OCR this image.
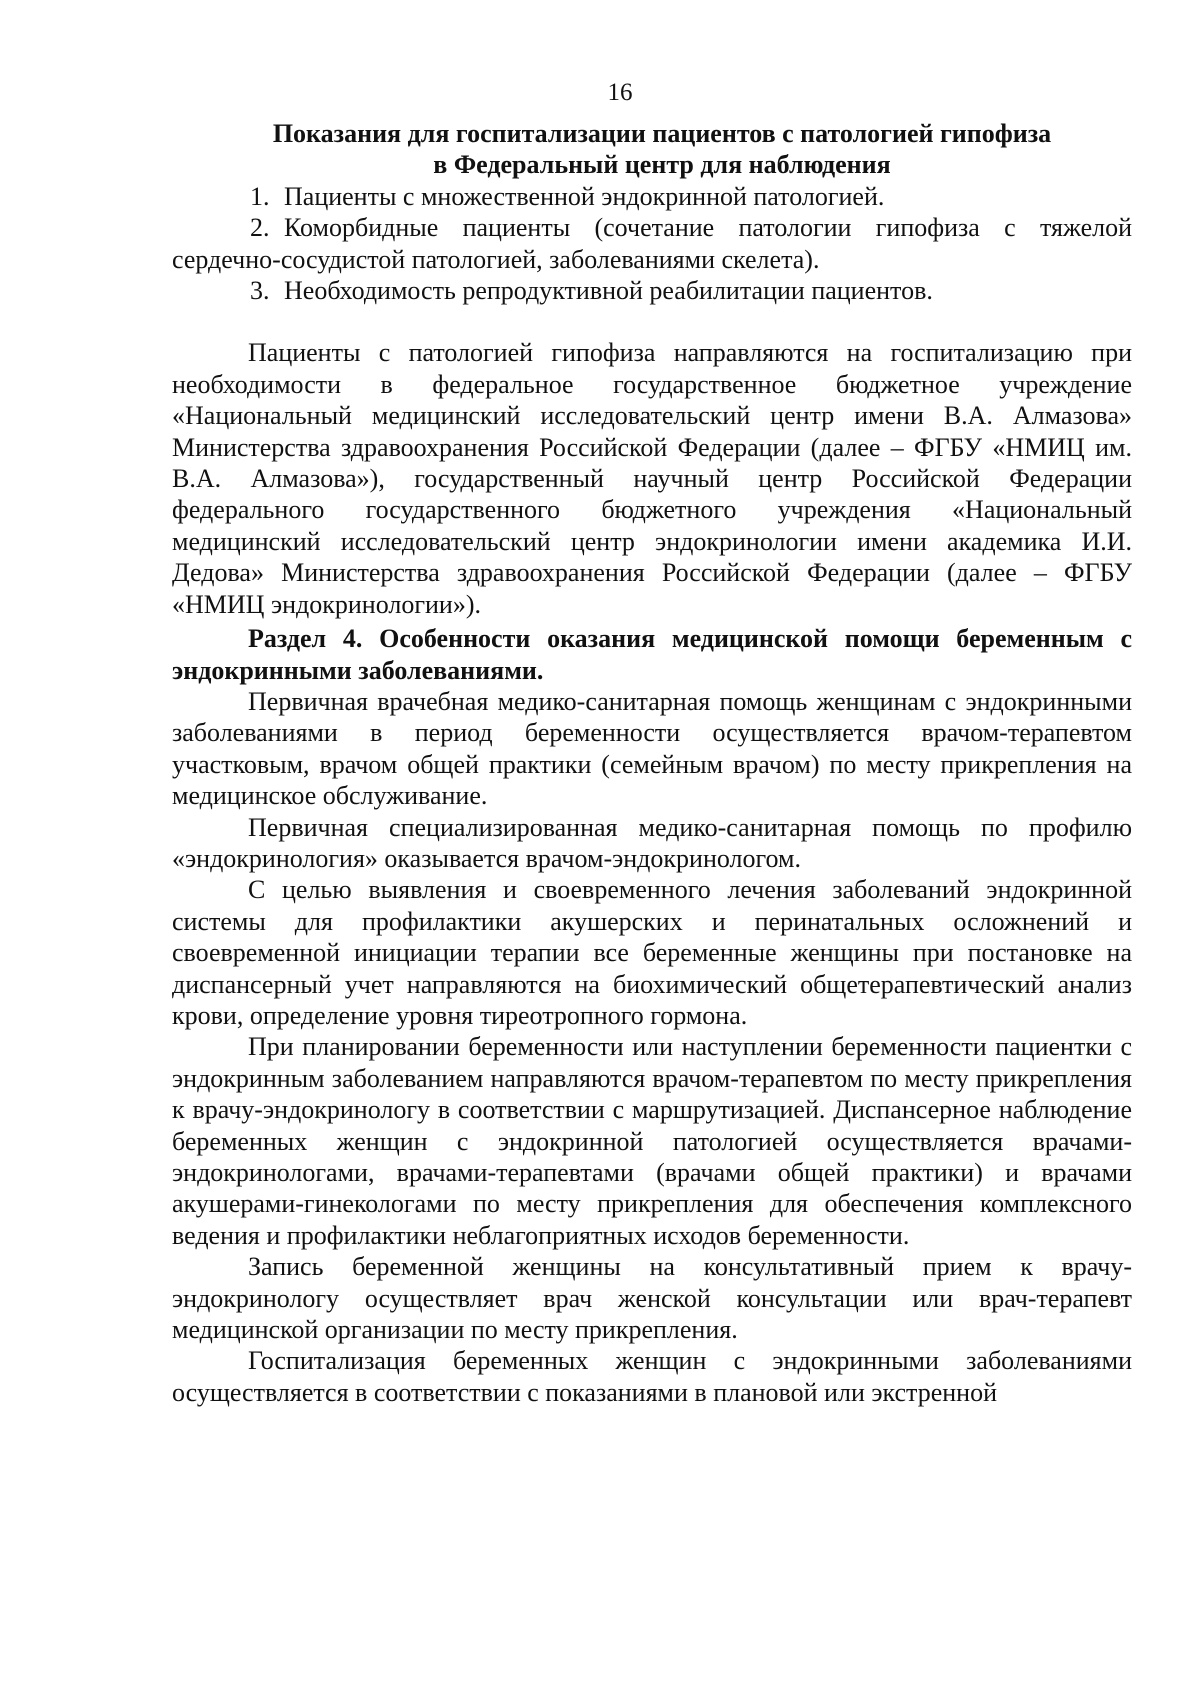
16
Показания для госпитализации пациентов с патологией гипофиза
в Федеральный центр для наблюдения
1. Пациенты с множественной эндокринной патологией.
2. Коморбидные пациенты (сочетание патологии гипофиза с тяжелой сердечно-сосудистой патологией, заболеваниями скелета).
3. Необходимость репродуктивной реабилитации пациентов.

Пациенты с патологией гипофиза направляются на госпитализацию при необходимости в федеральное государственное бюджетное учреждение «Национальный медицинский исследовательский центр имени В.А. Алмазова» Министерства здравоохранения Российской Федерации (далее – ФГБУ «НМИЦ им. В.А. Алмазова»), государственный научный центр Российской Федерации федерального государственного бюджетного учреждения «Национальный медицинский исследовательский центр эндокринологии имени академика И.И. Дедова» Министерства здравоохранения Российской Федерации (далее – ФГБУ «НМИЦ эндокринологии»).

Раздел 4. Особенности оказания медицинской помощи беременным с эндокринными заболеваниями.

Первичная врачебная медико-санитарная помощь женщинам с эндокринными заболеваниями в период беременности осуществляется врачом-терапевтом участковым, врачом общей практики (семейным врачом) по месту прикрепления на медицинское обслуживание.

Первичная специализированная медико-санитарная помощь по профилю «эндокринология» оказывается врачом-эндокринологом.

С целью выявления и своевременного лечения заболеваний эндокринной системы для профилактики акушерских и перинатальных осложнений и своевременной инициации терапии все беременные женщины при постановке на диспансерный учет направляются на биохимический общетерапевтический анализ крови, определение уровня тиреотропного гормона.

При планировании беременности или наступлении беременности пациентки с эндокринным заболеванием направляются врачом-терапевтом по месту прикрепления к врачу-эндокринологу в соответствии с маршрутизацией. Диспансерное наблюдение беременных женщин с эндокринной патологией осуществляется врачами-эндокринологами, врачами-терапевтами (врачами общей практики) и врачами акушерами-гинекологами по месту прикрепления для обеспечения комплексного ведения и профилактики неблагоприятных исходов беременности.

Запись беременной женщины на консультативный прием к врачу-эндокринологу осуществляет врач женской консультации или врач-терапевт медицинской организации по месту прикрепления.

Госпитализация беременных женщин с эндокринными заболеваниями осуществляется в соответствии с показаниями в плановой или экстренной
